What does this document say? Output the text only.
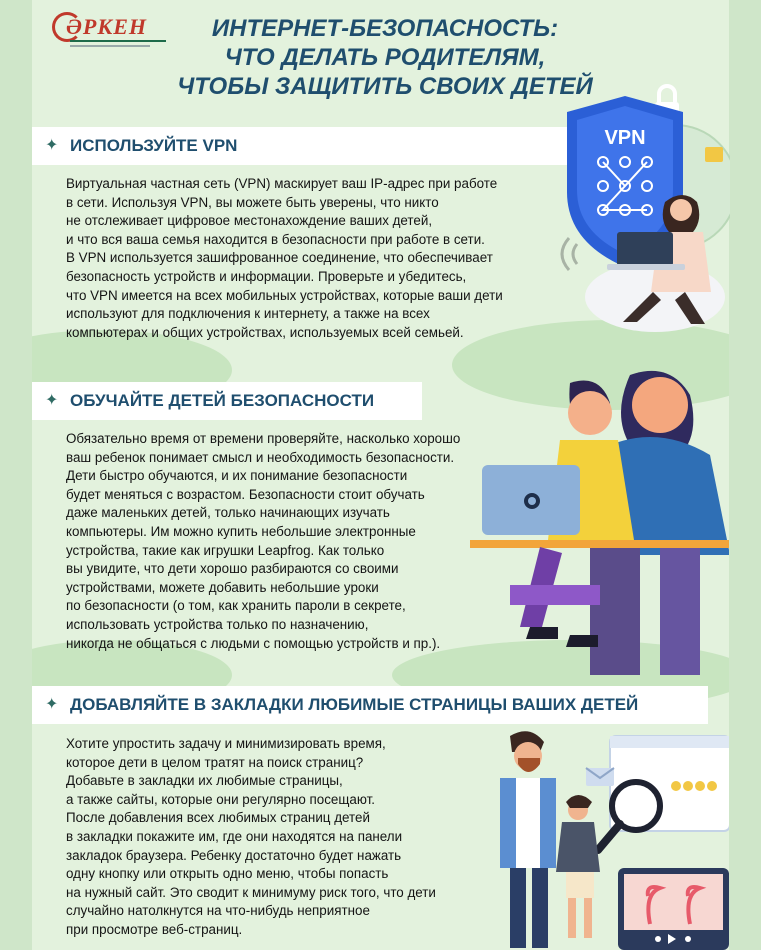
ӘРКЕН	ИНТЕРНЕТ-БЕЗОПАСНОСТЬ:
ЧТО ДЕЛАТЬ РОДИТЕЛЯМ,
ЧТОБЫ ЗАЩИТИТЬ СВОИХ ДЕТЕЙ
VPN
✦
ИСПОЛЬЗУЙТЕ VPN
Виртуальная частная сеть (VPN) маскирует ваш IP-адрес при работе
в сети. Используя VPN, вы можете быть уверены, что никто
не отслеживает цифровое местонахождение ваших детей,
и что вся ваша семья находится в безопасности при работе в сети.
В VPN используется зашифрованное соединение, что обеспечивает
безопасность устройств и информации. Проверьте и убедитесь,
что VPN имеется на всех мобильных устройствах, которые ваши дети
используют для подключения к интернету, а также на всех
компьютерах и общих устройствах, используемых всей семьей.
✦
ОБУЧАЙТЕ ДЕТЕЙ БЕЗОПАСНОСТИ
Обязательно время от времени проверяйте, насколько хорошо
ваш ребенок понимает смысл и необходимость безопасности.
Дети быстро обучаются, и их понимание безопасности
будет меняться с возрастом. Безопасности стоит обучать
даже маленьких детей, только начинающих изучать
компьютеры. Им можно купить небольшие электронные
устройства, такие как игрушки Leapfrog. Как только
вы увидите, что дети хорошо разбираются со своими
устройствами, можете добавить небольшие уроки
по безопасности (о том, как хранить пароли в секрете,
использовать устройства только по назначению,
никогда не общаться с людьми с помощью устройств и пр.).
✦
ДОБАВЛЯЙТЕ В ЗАКЛАДКИ ЛЮБИМЫЕ СТРАНИЦЫ ВАШИХ ДЕТЕЙ
Хотите упростить задачу и минимизировать время,
которое дети в целом тратят на поиск страниц?
Добавьте в закладки их любимые страницы,
а также сайты, которые они регулярно посещают.
После добавления всех любимых страниц детей
в закладки покажите им, где они находятся на панели
закладок браузера. Ребенку достаточно будет нажать
одну кнопку или открыть одно меню, чтобы попасть
на нужный сайт. Это сводит к минимуму риск того, что дети
случайно натолкнутся на что-нибудь неприятное
при просмотре веб-страниц.
